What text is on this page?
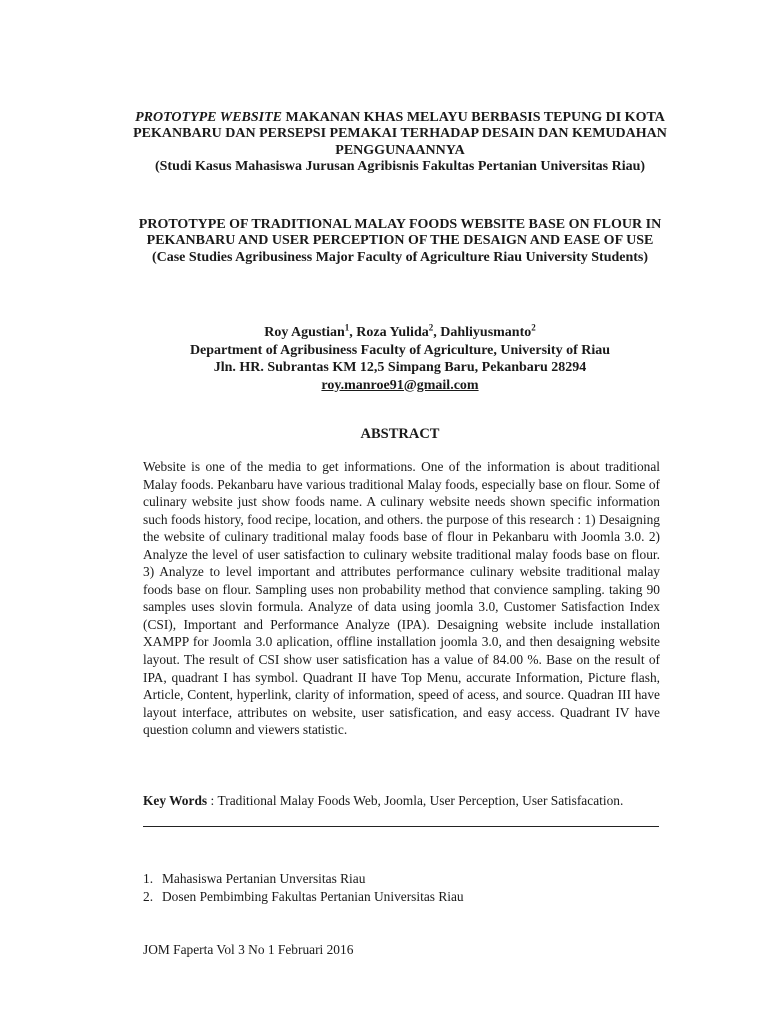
PROTOTYPE WEBSITE MAKANAN KHAS MELAYU BERBASIS TEPUNG DI KOTA PEKANBARU DAN PERSEPSI PEMAKAI TERHADAP DESAIN DAN KEMUDAHAN PENGGUNAANNYA
(Studi Kasus Mahasiswa Jurusan Agribisnis Fakultas Pertanian Universitas Riau)
PROTOTYPE OF TRADITIONAL MALAY FOODS WEBSITE BASE ON FLOUR IN PEKANBARU AND USER PERCEPTION OF THE DESAIGN AND EASE OF USE
(Case Studies Agribusiness Major Faculty of Agriculture Riau University Students)
Roy Agustian$^1$, Roza Yulida$^2$, Dahliyusmanto$^2$
Department of Agribusiness Faculty of Agriculture, University of Riau
Jln. HR. Subrantas KM 12,5 Simpang Baru, Pekanbaru 28294
roy.manroe91@gmail.com
ABSTRACT
Website is one of the media to get informations. One of the information is about traditional Malay foods. Pekanbaru have various traditional Malay foods, especially base on flour. Some of culinary website just show foods name. A culinary website needs shown specific information such foods history, food recipe, location, and others. the purpose of this research : 1) Desaigning the website of culinary traditional malay foods base of flour in Pekanbaru with Joomla 3.0. 2) Analyze the level of user satisfaction to culinary website traditional malay foods base on flour. 3) Analyze to level important and attributes performance culinary website traditional malay foods base on flour. Sampling uses non probability method that convience sampling. taking 90 samples uses slovin formula. Analyze of data using joomla 3.0, Customer Satisfaction Index (CSI), Important and Performance Analyze (IPA). Desaigning website include installation XAMPP for Joomla 3.0 aplication, offline installation joomla 3.0, and then desaigning website layout. The result of CSI show user satisfication has a value of 84.00 %. Base on the result of IPA, quadrant I has symbol. Quadrant II have Top Menu, accurate Information, Picture flash, Article, Content, hyperlink, clarity of information, speed of acess, and source. Quadran III have layout interface, attributes on website, user satisfication, and easy access. Quadrant IV have question column and viewers statistic.
Key Words : Traditional Malay Foods Web, Joomla, User Perception, User Satisfacation.
1. Mahasiswa Pertanian Unversitas Riau
2. Dosen Pembimbing Fakultas Pertanian Universitas Riau
JOM Faperta Vol 3 No 1 Februari 2016
